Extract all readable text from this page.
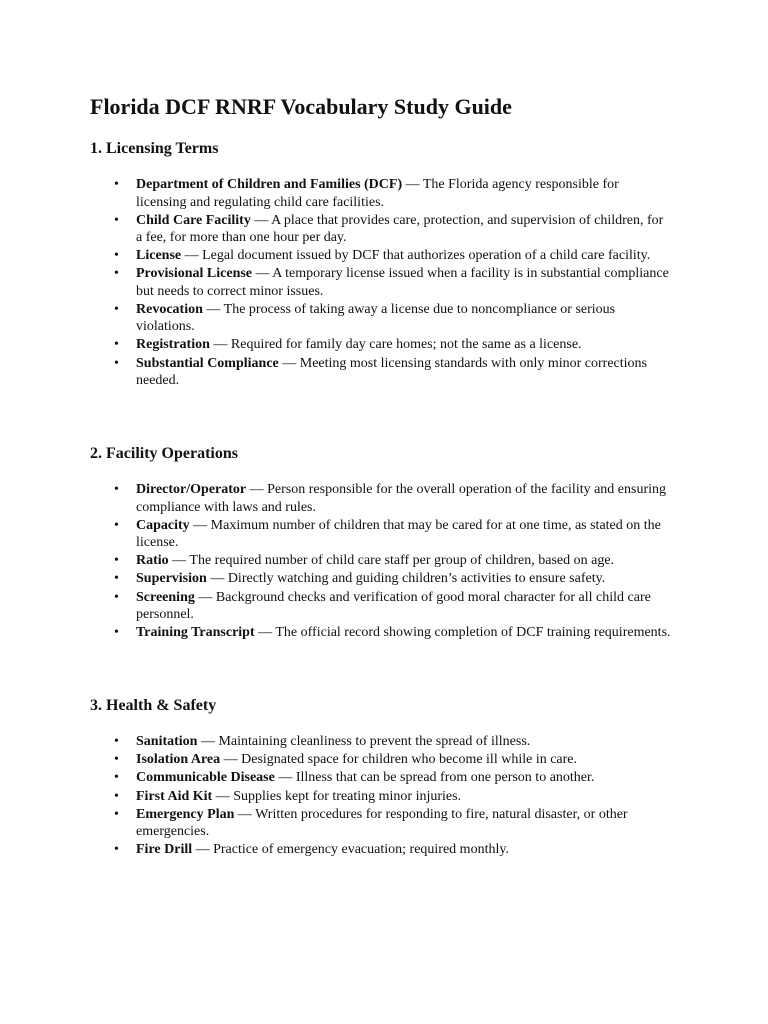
Florida DCF RNRF Vocabulary Study Guide
1. Licensing Terms
• Department of Children and Families (DCF) — The Florida agency responsible for licensing and regulating child care facilities.
• Child Care Facility — A place that provides care, protection, and supervision of children, for a fee, for more than one hour per day.
• License — Legal document issued by DCF that authorizes operation of a child care facility.
• Provisional License — A temporary license issued when a facility is in substantial compliance but needs to correct minor issues.
• Revocation — The process of taking away a license due to noncompliance or serious violations.
• Registration — Required for family day care homes; not the same as a license.
• Substantial Compliance — Meeting most licensing standards with only minor corrections needed.
2. Facility Operations
• Director/Operator — Person responsible for the overall operation of the facility and ensuring compliance with laws and rules.
• Capacity — Maximum number of children that may be cared for at one time, as stated on the license.
• Ratio — The required number of child care staff per group of children, based on age.
• Supervision — Directly watching and guiding children’s activities to ensure safety.
• Screening — Background checks and verification of good moral character for all child care personnel.
• Training Transcript — The official record showing completion of DCF training requirements.
3. Health & Safety
• Sanitation — Maintaining cleanliness to prevent the spread of illness.
• Isolation Area — Designated space for children who become ill while in care.
• Communicable Disease — Illness that can be spread from one person to another.
• First Aid Kit — Supplies kept for treating minor injuries.
• Emergency Plan — Written procedures for responding to fire, natural disaster, or other emergencies.
• Fire Drill — Practice of emergency evacuation; required monthly.
